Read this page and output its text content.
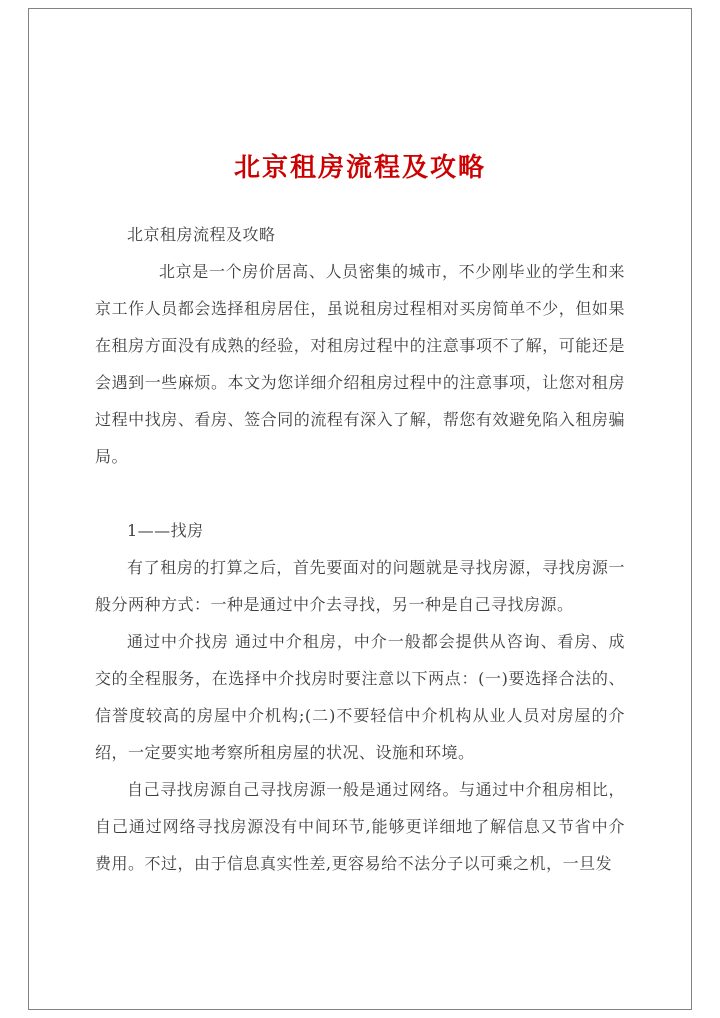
北京租房流程及攻略

北京租房流程及攻略

北京是一个房价居高、人员密集的城市，不少刚毕业的学生和来京工作人员都会选择租房居住，虽说租房过程相对买房简单不少，但如果在租房方面没有成熟的经验，对租房过程中的注意事项不了解，可能还是会遇到一些麻烦。本文为您详细介绍租房过程中的注意事项，让您对租房过程中找房、看房、签合同的流程有深入了解，帮您有效避免陷入租房骗局。

1——找房

有了租房的打算之后，首先要面对的问题就是寻找房源，寻找房源一般分两种方式：一种是通过中介去寻找，另一种是自己寻找房源。

通过中介找房 通过中介租房，中介一般都会提供从咨询、看房、成交的全程服务，在选择中介找房时要注意以下两点：(一)要选择合法的、信誉度较高的房屋中介机构;(二)不要轻信中介机构从业人员对房屋的介绍，一定要实地考察所租房屋的状况、设施和环境。

自己寻找房源自己寻找房源一般是通过网络。与通过中介租房相比，自己通过网络寻找房源没有中间环节,能够更详细地了解信息又节省中介费用。不过，由于信息真实性差,更容易给不法分子以可乘之机，一旦发
